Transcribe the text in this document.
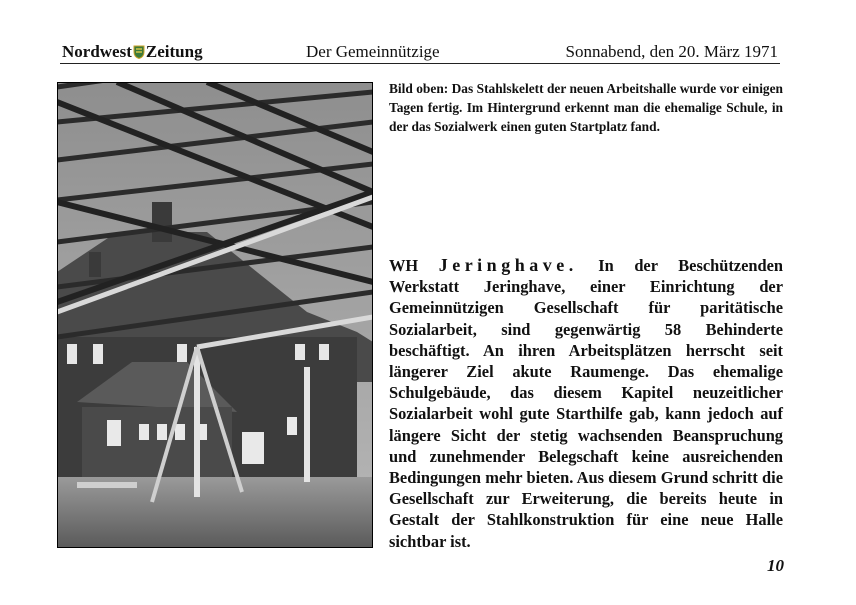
Nordwest Zeitung	Der Gemeinnützige	Sonnabend, den 20. März 1971
Bild oben: Das Stahlskelett der neuen Arbeitshalle wurde vor einigen Tagen fertig. Im Hintergrund erkennt man die ehemalige Schule, in der das Sozialwerk einen guten Startplatz fand.
WH Jeringhave. In der Beschützenden Werkstatt Jeringhave, einer Einrichtung der Gemeinnützigen Gesellschaft für paritätische Sozialarbeit, sind gegenwärtig 58 Behinderte beschäftigt. An ihren Arbeitsplätzen herrscht seit längerer Ziel akute Raumenge. Das ehemalige Schulgebäude, das diesem Kapitel neuzeitlicher Sozialarbeit wohl gute Starthilfe gab, kann jedoch auf längere Sicht der stetig wachsenden Beanspruchung und zunehmender Belegschaft keine ausreichenden Bedingungen mehr bieten. Aus diesem Grund schritt die Gesellschaft zur Erweiterung, die bereits heute in Gestalt der Stahlkonstruktion für eine neue Halle sichtbar ist.
10
